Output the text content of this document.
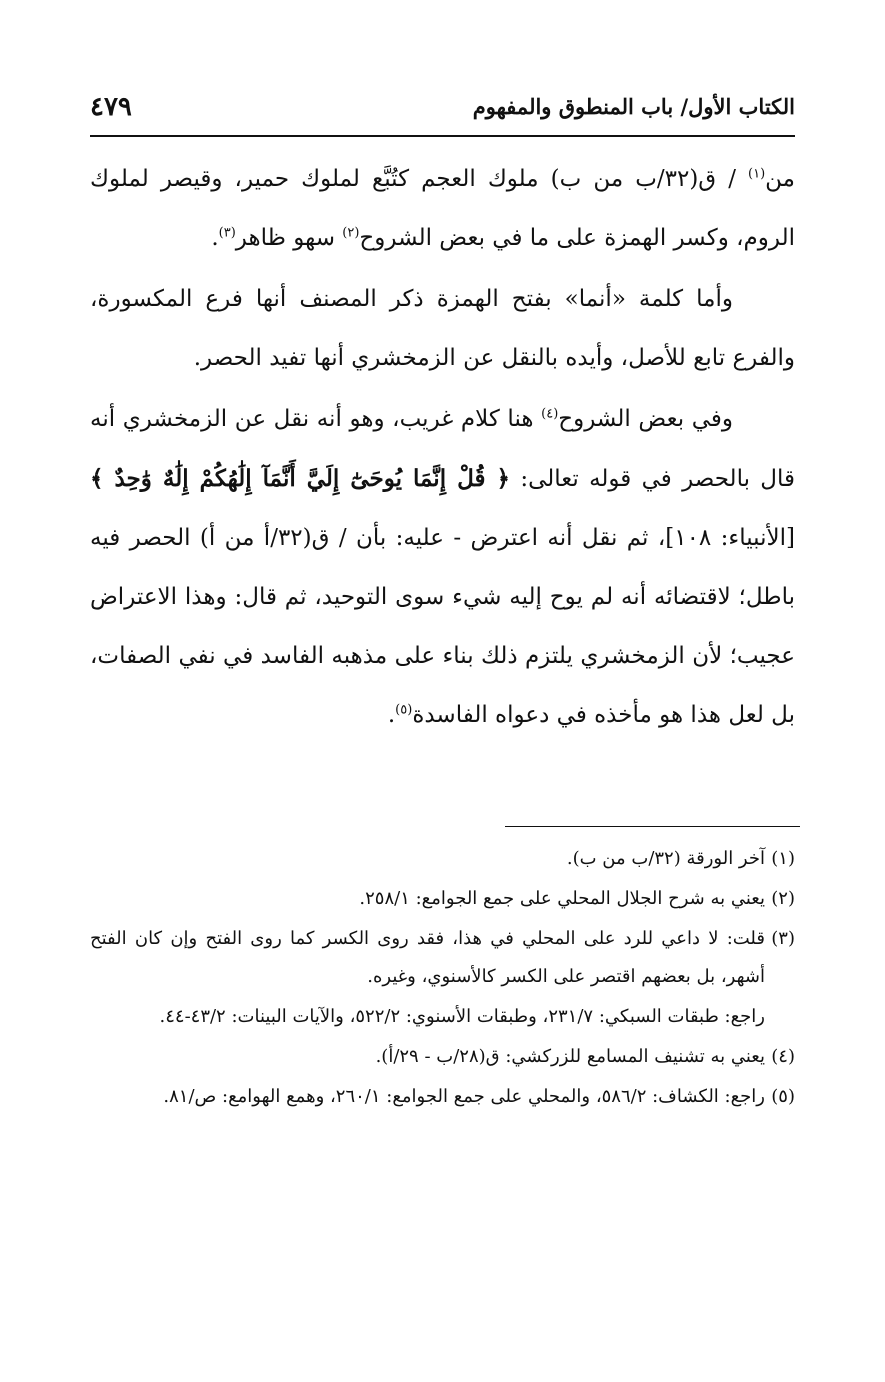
الكتاب الأول/ باب المنطوق والمفهوم
٤٧٩

من$^{(١)}$ / ق(٣٢/ب من ب) ملوك العجم كتُبَّع لملوك حمير، وقيصر لملوك الروم، وكسر الهمزة على ما في بعض الشروح$^{(٢)}$ سهو ظاهر$^{(٣)}$.

وأما كلمة «أنما» بفتح الهمزة ذكر المصنف أنها فرع المكسورة، والفرع تابع للأصل، وأيده بالنقل عن الزمخشري أنها تفيد الحصر.

وفي بعض الشروح$^{(٤)}$ هنا كلام غريب، وهو أنه نقل عن الزمخشري أنه قال بالحصر في قوله تعالى: ﴿ قُلْ إِنَّمَا يُوحَىٰٓ إِلَيَّ أَنَّمَآ إِلَٰهُكُمْ إِلَٰهٌ وَٰحِدٌ ﴾ [الأنبياء: ١٠٨]، ثم نقل أنه اعترض - عليه: بأن / ق(٣٢/أ من أ) الحصر فيه باطل؛ لاقتضائه أنه لم يوح إليه شيء سوى التوحيد، ثم قال: وهذا الاعتراض عجيب؛ لأن الزمخشري يلتزم ذلك بناء على مذهبه الفاسد في نفي الصفات، بل لعل هذا هو مأخذه في دعواه الفاسدة$^{(٥)}$.

(١)
آخر الورقة (٣٢/ب من ب).
(٢)
يعني به شرح الجلال المحلي على جمع الجوامع: ٢٥٨/١.
(٣)
قلت: لا داعي للرد على المحلي في هذا، فقد روى الكسر كما روى الفتح وإن كان الفتح أشهر، بل بعضهم اقتصر على الكسر كالأسنوي، وغيره.
راجع: طبقات السبكي: ٢٣١/٧، وطبقات الأسنوي: ٥٢٢/٢، والآيات البينات: ٤٣/٢-٤٤.
(٤)
يعني به تشنيف المسامع للزركشي: ق(٢٨/ب - ٢٩/أ).
(٥)
راجع: الكشاف: ٥٨٦/٢، والمحلي على جمع الجوامع: ٢٦٠/١، وهمع الهوامع: ص/٨١.
